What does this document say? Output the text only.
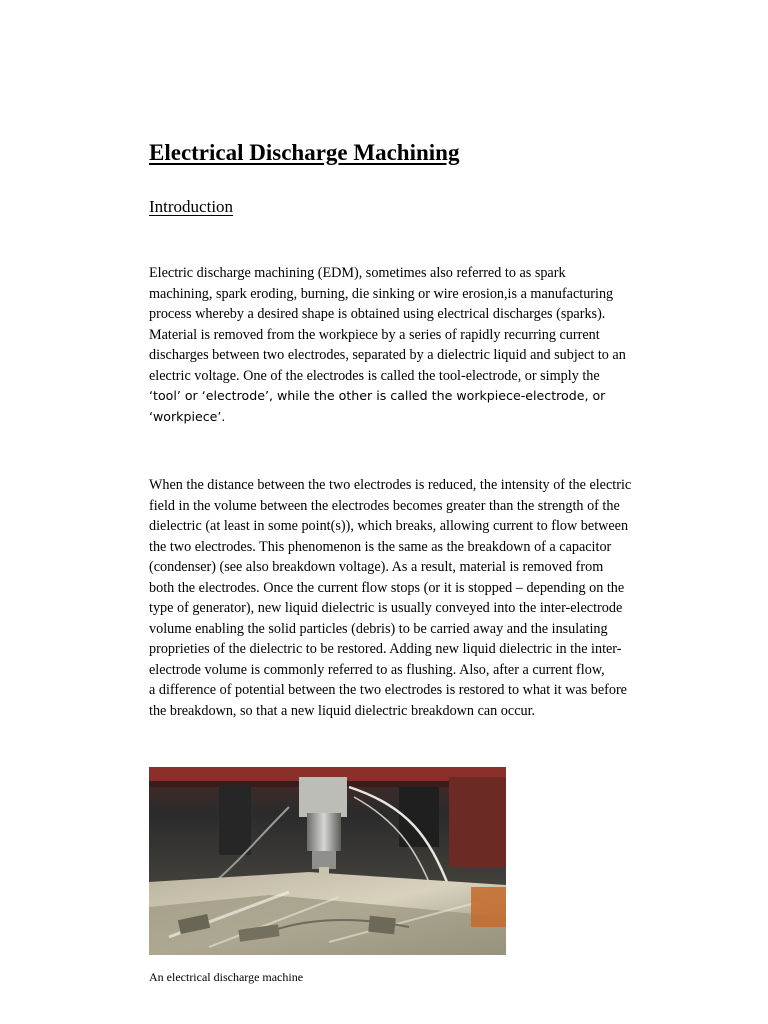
Electrical Discharge Machining
Introduction
Electric discharge machining (EDM), sometimes also referred to as spark
machining, spark eroding, burning, die sinking or wire erosion,is a manufacturing
process whereby a desired shape is obtained using electrical discharges (sparks).
Material is removed from the workpiece by a series of rapidly recurring current
discharges between two electrodes, separated by a dielectric liquid and subject to an
electric voltage. One of the electrodes is called the tool-electrode, or simply the
‘tool’ or ‘electrode’, while the other is called the workpiece-electrode, or
‘workpiece’.
When the distance between the two electrodes is reduced, the intensity of the electric
field in the volume between the electrodes becomes greater than the strength of the
dielectric (at least in some point(s)), which breaks, allowing current to flow between
the two electrodes. This phenomenon is the same as the breakdown of a capacitor
(condenser) (see also breakdown voltage). As a result, material is removed from
both the electrodes. Once the current flow stops (or it is stopped – depending on the
type of generator), new liquid dielectric is usually conveyed into the inter-electrode
volume enabling the solid particles (debris) to be carried away and the insulating
proprieties of the dielectric to be restored. Adding new liquid dielectric in the inter-
electrode volume is commonly referred to as flushing. Also, after a current flow,
a difference of potential between the two electrodes is restored to what it was before
the breakdown, so that a new liquid dielectric breakdown can occur.
An electrical discharge machine
